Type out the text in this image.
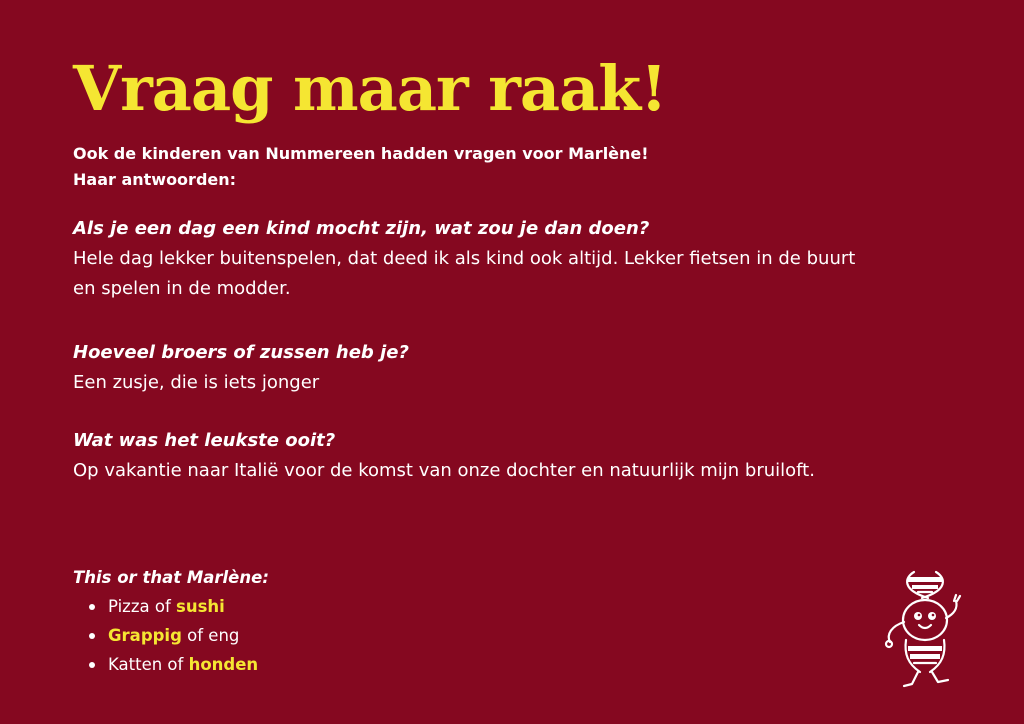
Vraag maar raak!
Ook de kinderen van Nummereen hadden vragen voor Marlène!
Haar antwoorden:
Als je een dag een kind mocht zijn, wat zou je dan doen?
Hele dag lekker buitenspelen, dat deed ik als kind ook altijd. Lekker fietsen in de buurt en spelen in de modder.
Hoeveel broers of zussen heb je?
Een zusje, die is iets jonger
Wat was het leukste ooit?
Op vakantie naar Italië voor de komst van onze dochter en natuurlijk mijn bruiloft.
This or that Marlène:
Pizza of sushi
Grappig of eng
Katten of honden
